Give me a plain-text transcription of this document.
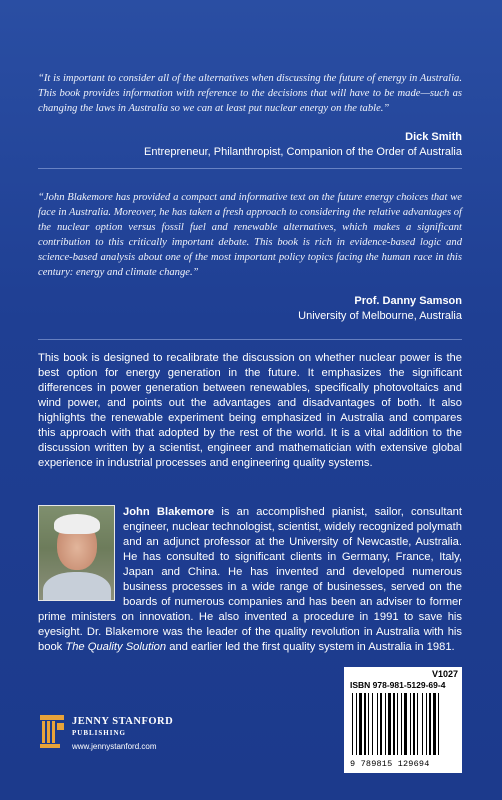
“It is important to consider all of the alternatives when discussing the future of energy in Australia. This book provides information with reference to the decisions that will have to be made—such as changing the laws in Australia so we can at least put nuclear energy on the table.”

Dick Smith
Entrepreneur, Philanthropist, Companion of the Order of Australia

“John Blakemore has provided a compact and informative text on the future energy choices that we face in Australia. Moreover, he has taken a fresh approach to considering the relative advantages of the nuclear option versus fossil fuel and renewable alternatives, which makes a significant contribution to this critically important debate. This book is rich in evidence-based logic and science-based analysis about one of the most important policy topics facing the human race in this century: energy and climate change.”

Prof. Danny Samson
University of Melbourne, Australia

This book is designed to recalibrate the discussion on whether nuclear power is the best option for energy generation in the future. It emphasizes the significant differences in power generation between renewables, specifically photovoltaics and wind power, and points out the advantages and disadvantages of both. It also highlights the renewable experiment being emphasized in Australia and compares this approach with that adopted by the rest of the world. It is a vital addition to the discussion written by a scientist, engineer and mathematician with extensive global experience in industrial processes and engineering quality systems.

John Blakemore is an accomplished pianist, sailor, consultant engineer, nuclear technologist, scientist, widely recognized polymath and an adjunct professor at the University of Newcastle, Australia. He has consulted to significant clients in Germany, France, Italy, Japan and China. He has invented and developed numerous business processes in a wide range of businesses, served on the boards of numerous companies and has been an adviser to former prime ministers on innovation. He also invented a procedure in 1991 to save his eyesight. Dr. Blakemore was the leader of the quality revolution in Australia with his book The Quality Solution and earlier led the first quality system in Australia in 1981.

JENNY STANFORD
PUBLISHING
www.jennystanford.com
V1027
ISBN 978-981-5129-69-4
9 789815 129694
